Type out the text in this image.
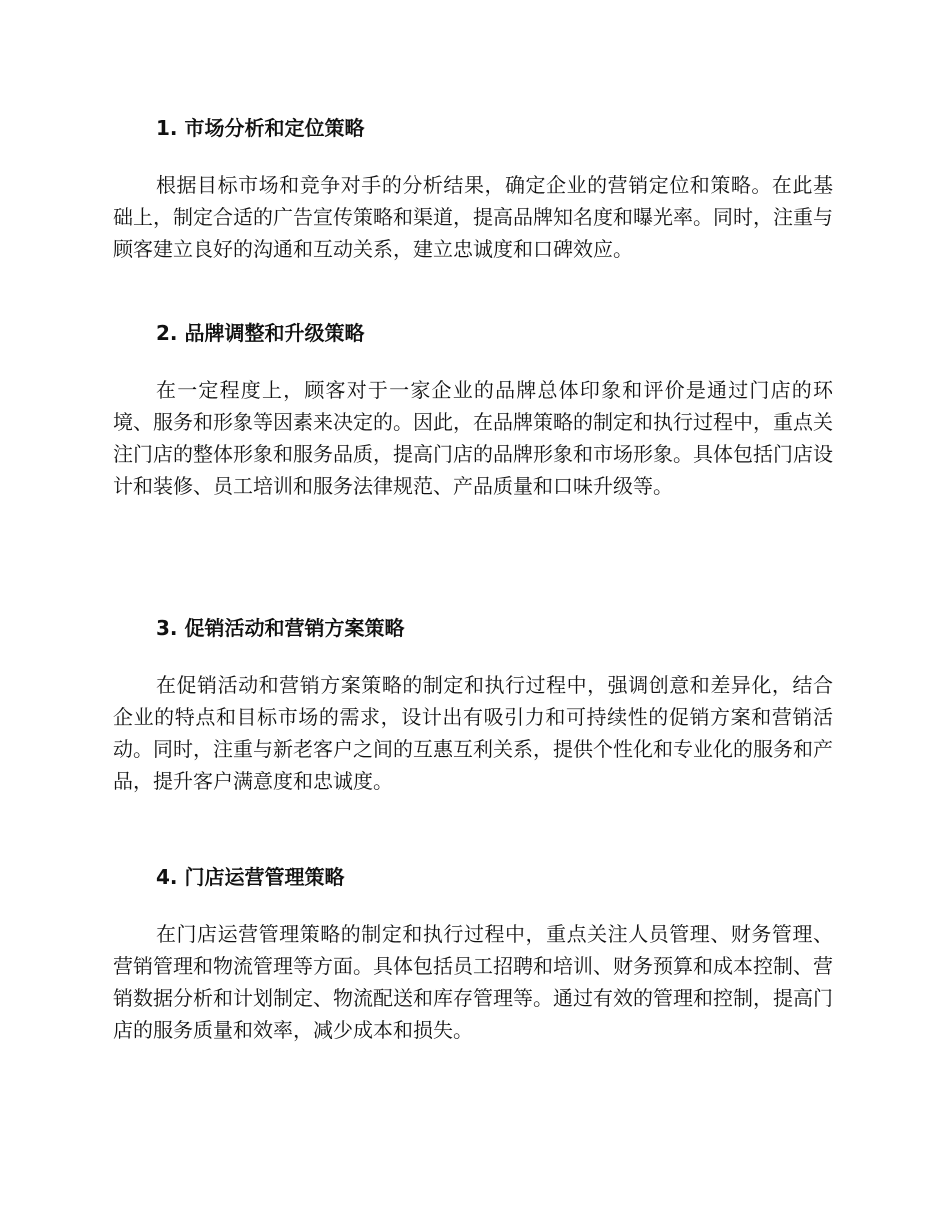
1. 市场分析和定位策略

根据目标市场和竞争对手的分析结果，确定企业的营销定位和策略。在此基础上，制定合适的广告宣传策略和渠道，提高品牌知名度和曝光率。同时，注重与顾客建立良好的沟通和互动关系，建立忠诚度和口碑效应。

2. 品牌调整和升级策略

在一定程度上，顾客对于一家企业的品牌总体印象和评价是通过门店的环境、服务和形象等因素来决定的。因此，在品牌策略的制定和执行过程中，重点关注门店的整体形象和服务品质，提高门店的品牌形象和市场形象。具体包括门店设计和装修、员工培训和服务法律规范、产品质量和口味升级等。

3. 促销活动和营销方案策略

在促销活动和营销方案策略的制定和执行过程中，强调创意和差异化，结合企业的特点和目标市场的需求，设计出有吸引力和可持续性的促销方案和营销活动。同时，注重与新老客户之间的互惠互利关系，提供个性化和专业化的服务和产品，提升客户满意度和忠诚度。

4. 门店运营管理策略

在门店运营管理策略的制定和执行过程中，重点关注人员管理、财务管理、营销管理和物流管理等方面。具体包括员工招聘和培训、财务预算和成本控制、营销数据分析和计划制定、物流配送和库存管理等。通过有效的管理和控制，提高门店的服务质量和效率，减少成本和损失。
